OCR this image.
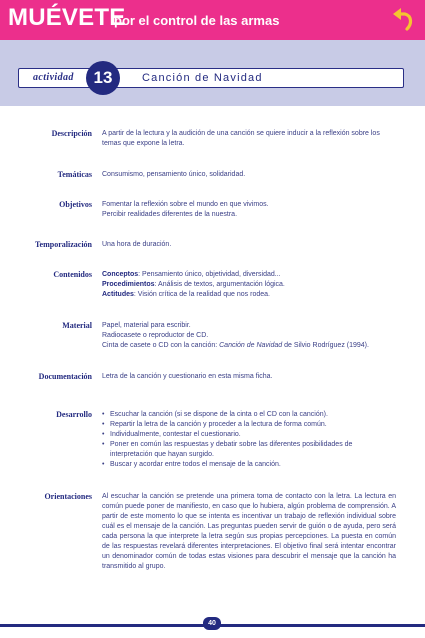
MUÉVETE
por el control de las armas
actividad	13	Canción de Navidad
Descripción A partir de la lectura y la audición de una canción se quiere inducir a la reflexión sobre los temas que expone la letra.

Temáticas Consumismo, pensamiento único, solidaridad.

Objetivos Fomentar la reflexión sobre el mundo en que vivimos.

Percibir realidades diferentes de la nuestra.

Temporalización Una hora de duración.

Contenidos Conceptos: Pensamiento único, objetividad, diversidad...

Procedimientos: Análisis de textos, argumentación lógica.

Actitudes: Visión crítica de la realidad que nos rodea.

Material Papel, material para escribir.

Radiocasete o reproductor de CD.

Cinta de casete o CD con la canción: Canción de Navidad de Silvio Rodríguez (1994).

Documentación Letra de la canción y cuestionario en esta misma ficha.

Desarrollo
•	Escuchar la canción (si se dispone de la cinta o el CD con la canción).
• Repartir la letra de la canción y proceder a la lectura de forma común.
• Individualmente, contestar el cuestionario.
• Poner en común las respuestas y debatir sobre las diferentes posibilidades de interpretación que hayan surgido.
• Buscar y acordar entre todos el mensaje de la canción.
Orientaciones Al escuchar la canción se pretende una primera toma de contacto con la letra. La lectura en común puede poner de manifiesto, en caso que lo hubiera, algún problema de comprensión. A partir de este momento lo que se intenta es incentivar un trabajo de reflexión individual sobre cuál es el mensaje de la canción. Las preguntas pueden servir de guión o de ayuda, pero será cada persona la que interprete la letra según sus propias percepciones. La puesta en común de las respuestas revelará diferentes interpretaciones. El objetivo final será intentar encontrar un denominador común de todas estas visiones para descubrir el mensaje que la canción ha transmitido al grupo.

40
